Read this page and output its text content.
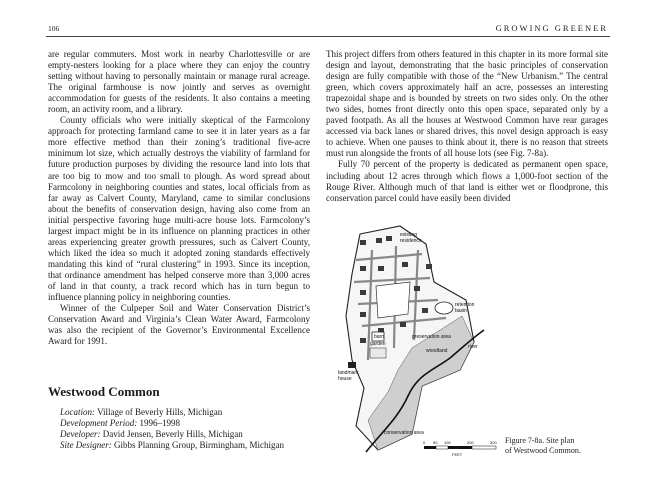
106	GROWING GREENER

are regular commuters. Most work in nearby Charlottesville or are empty-nesters looking for a place where they can enjoy the country setting without having to personally maintain or manage rural acreage. The original farmhouse is now jointly and serves as overnight accommodation for guests of the residents. It also contains a meeting room, an activity room, and a library.

County officials who were initially skeptical of the Farmcolony approach for protecting farmland came to see it in later years as a far more effective method than their zoning’s traditional five-acre minimum lot size, which actually destroys the viability of farmland for future production purposes by dividing the resource land into lots that are too big to mow and too small to plough. As word spread about Farmcolony in neighboring counties and states, local officials from as far away as Calvert County, Maryland, came to similar conclusions about the benefits of conservation design, having also come from an initial perspective favoring huge multi-acre house lots. Farmcolony’s largest impact might be in its influence on planning practices in other areas experiencing greater growth pressures, such as Calvert County, which liked the idea so much it adopted zoning standards effectively mandating this kind of “rural clustering” in 1993. Since its inception, that ordinance amendment has helped conserve more than 3,000 acres of land in that county, a track record which has in turn begun to influence planning policy in neighboring counties.

Winner of the Culpeper Soil and Water Conservation District’s Conservation Award and Virginia’s Clean Water Award, Farmcolony was also the recipient of the Governor’s Environmental Excellence Award for 1991.

Westwood Common
Location: Village of Beverly Hills, Michigan
Development Period: 1996–1998
Developer: David Jensen, Beverly Hills, Michigan
Site Designer: Gibbs Planning Group, Birmingham, Michigan

This project differs from others featured in this chapter in its more formal site design and layout, demonstrating that the basic principles of conservation design are fully compatible with those of the “New Urbanism.” The central green, which covers approximately half an acre, possesses an interesting trapezoidal shape and is bounded by streets on two sides only. On the other two sides, homes front directly onto this open space, separated only by a paved footpath. As all the houses at Westwood Common have rear garages accessed via back lanes or shared drives, this novel design approach is easy to achieve. When one pauses to think about it, there is no reason that streets must run alongside the fronts of all house lots (see Fig. 7-8a).

Fully 70 percent of the property is dedicated as permanent open space, including about 12 acres through which flows a 1,000-foot section of the Rouge River. Although much of that land is either wet or floodprone, this conservation parcel could have easily been divided

existing
residence
retention
basin
barn
garden
preservation area
woodland
river
landmark
house
conservation area
0 50 100	200	300
FEET
Figure 7-8a. Site plan
of Westwood Common.
